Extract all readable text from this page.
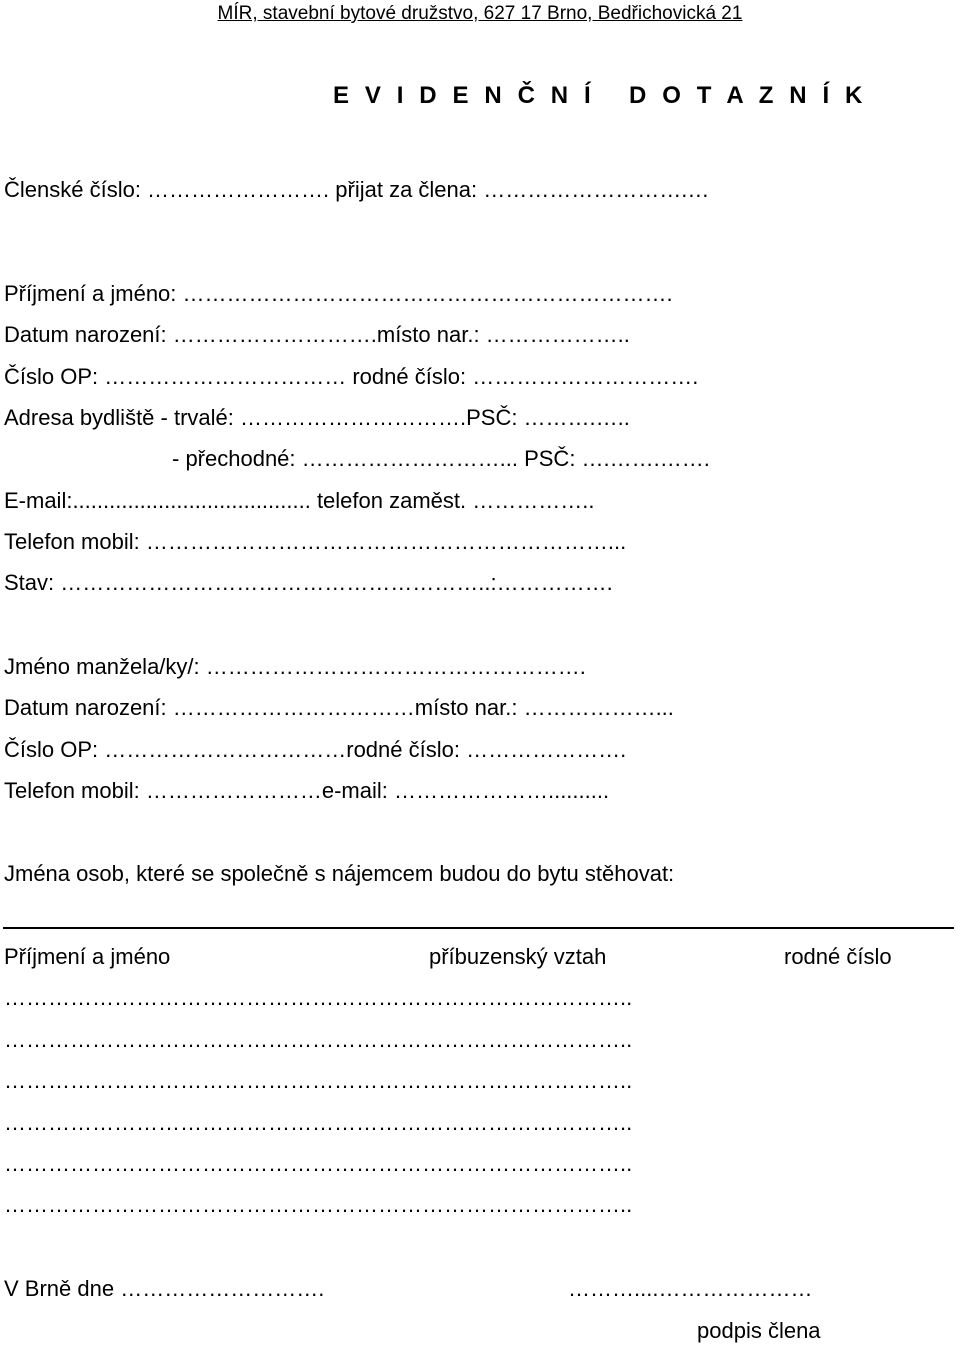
MÍR, stavební bytové družstvo, 627 17 Brno, Bedřichovická 21
E V I D E N Č N Í   D O T A Z N Í K
Členské číslo: ……………………. přijat za člena: ……………………….…
Příjmení a jméno: ………………………………………………………….
Datum narození: ……………………….místo nar.: ………………..
Číslo OP: …………………………… rodné číslo: ………………………….
Adresa bydliště - trvalé: ………………………….PSČ: ……….…..
- přechodné: ………………………... PSČ: ….…….…….
E-mail:....................................... telefon zaměst. ……………..
Telefon mobil: ………………………………………………………...
Stav: …………………………………………………..:…………….
Jméno manžela/ky/: …………………………………………….
Datum narození: ……………………………místo nar.: ………………...
Číslo OP: ……………………………rodné číslo: ………………….
Telefon mobil: ……………………e-mail: …………………..........
Jména osob, které se společně s nájemcem budou do bytu stěhovat:
Příjmení a jméno	příbuzenský vztah	rodné číslo
…………………………………………………………………………..
…………………………………………………………………………..
…………………………………………………………………………..
…………………………………………………………………………..
…………………………………………………………………………..
…………………………………………………………………………..
V Brně dne ……………………….	………....…………………
podpis člena
